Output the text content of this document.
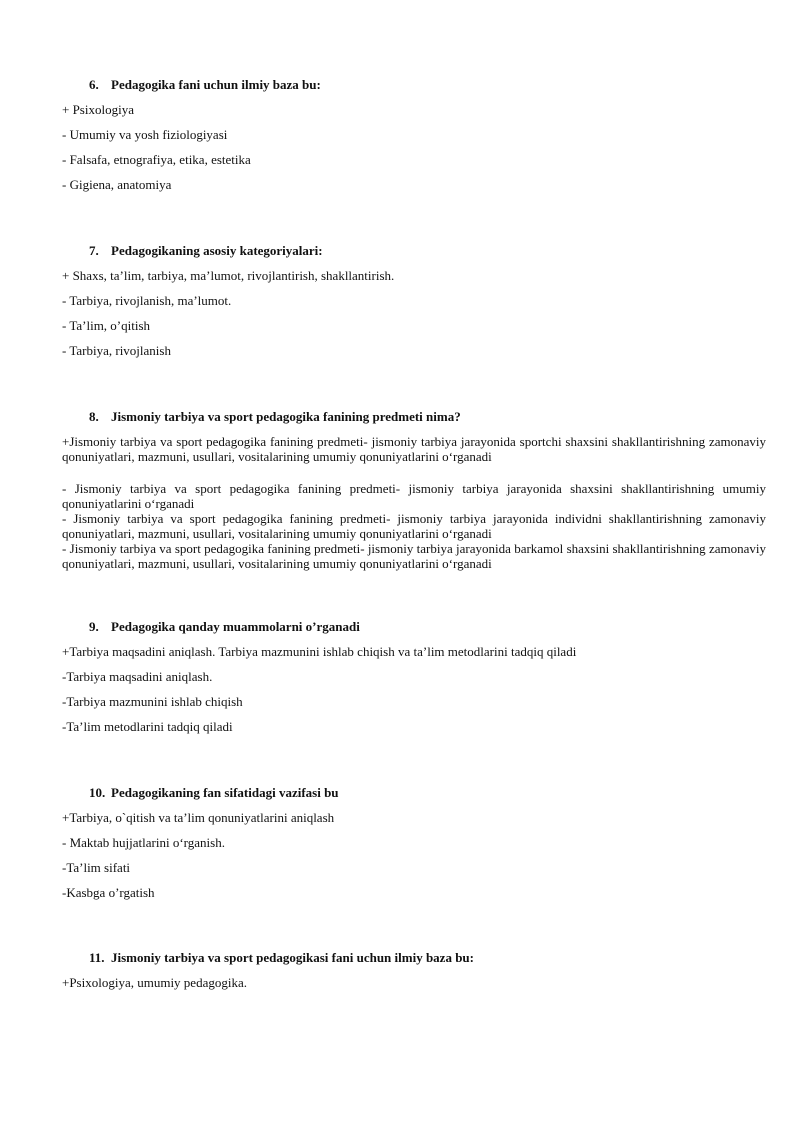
6. Pedagogika fani uchun ilmiy baza bu:
+ Psixologiya
- Umumiy va yosh fiziologiyasi
- Falsafa, etnografiya, etika, estetika
- Gigiena, anatomiya
7. Pedagogikaning asosiy kategoriyalari:
+ Shaxs, ta’lim, tarbiya, ma’lumot, rivojlantirish, shakllantirish.
- Tarbiya, rivojlanish, ma’lumot.
- Ta’lim, o’qitish
- Tarbiya, rivojlanish
8. Jismoniy tarbiya va sport pedagogika fanining predmeti nima?
+Jismoniy tarbiya va sport pedagogika fanining predmeti- jismoniy tarbiya jarayonida sportchi shaxsini shakllantirishning zamonaviy qonuniyatlari, mazmuni, usullari, vositalarining umumiy qonuniyatlarini o‘rganadi
- Jismoniy tarbiya va sport pedagogika fanining predmeti- jismoniy tarbiya jarayonida shaxsini shakllantirishning umumiy qonuniyatlarini o‘rganadi
- Jismoniy tarbiya va sport pedagogika fanining predmeti- jismoniy tarbiya jarayonida individni shakllantirishning zamonaviy qonuniyatlari, mazmuni, usullari, vositalarining umumiy qonuniyatlarini o‘rganadi
- Jismoniy tarbiya va sport pedagogika fanining predmeti- jismoniy tarbiya jarayonida barkamol shaxsini shakllantirishning zamonaviy qonuniyatlari, mazmuni, usullari, vositalarining umumiy qonuniyatlarini o‘rganadi
9. Pedagogika qanday muammolarni o’rganadi
+Tarbiya maqsadini aniqlash. Tarbiya mazmunini ishlab chiqish va ta’lim metodlarini tadqiq qiladi
-Tarbiya maqsadini aniqlash.
-Tarbiya mazmunini ishlab chiqish
-Ta’lim metodlarini tadqiq qiladi
10. Pedagogikaning fan sifatidagi vazifasi bu
+Tarbiya, o`qitish va ta’lim qonuniyatlarini aniqlash
- Maktab hujjatlarini o‘rganish.
-Ta’lim sifati
-Kasbga o’rgatish
11. Jismoniy tarbiya va sport pedagogikasi fani uchun ilmiy baza bu:
+Psixologiya, umumiy pedagogika.
